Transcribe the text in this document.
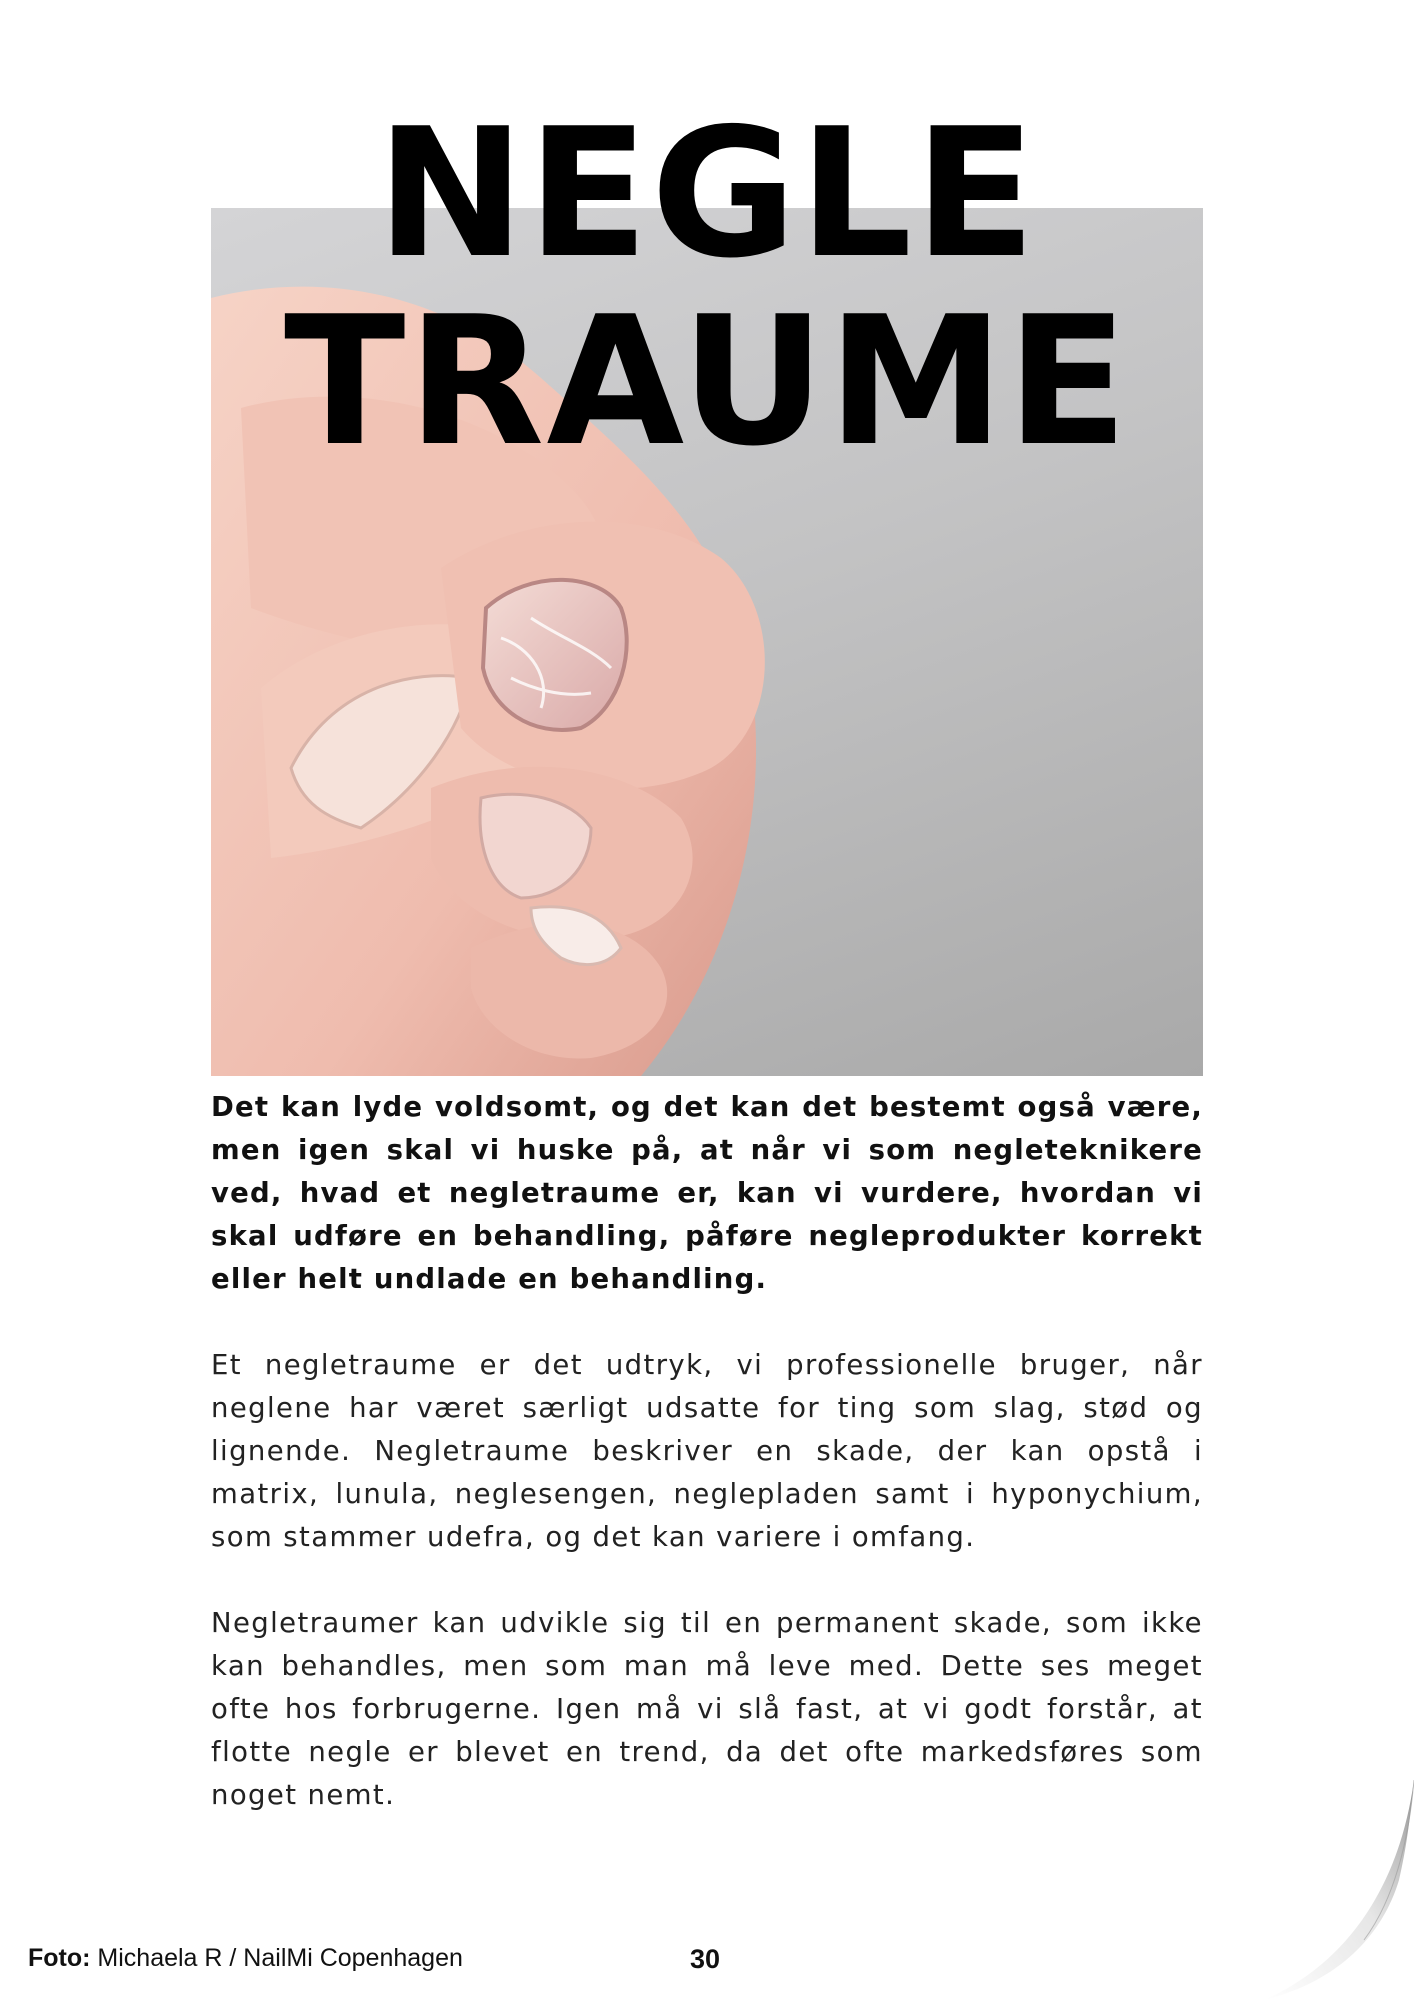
NEGLE
TRAUME

Det kan lyde voldsomt, og det kan det bestemt også være, men igen skal vi huske på, at når vi som negleteknikere ved, hvad et negletraume er, kan vi vurdere, hvordan vi skal udføre en behandling, påføre negleprodukter korrekt eller helt undlade en behandling.

Et negletraume er det udtryk, vi professionelle bruger, når neglene har været særligt udsatte for ting som slag, stød og lignende. Negletraume beskriver en skade, der kan opstå i matrix, lunula, neglesengen, neglepladen samt i hyponychium, som stammer udefra, og det kan variere i omfang.

Negletraumer kan udvikle sig til en permanent skade, som ikke kan behandles, men som man må leve med. Dette ses meget ofte hos forbrugerne. Igen må vi slå fast, at vi godt forstår, at flotte negle er blevet en trend, da det ofte markedsføres som noget nemt.

Foto: Michaela R / NailMi Copenhagen	30
